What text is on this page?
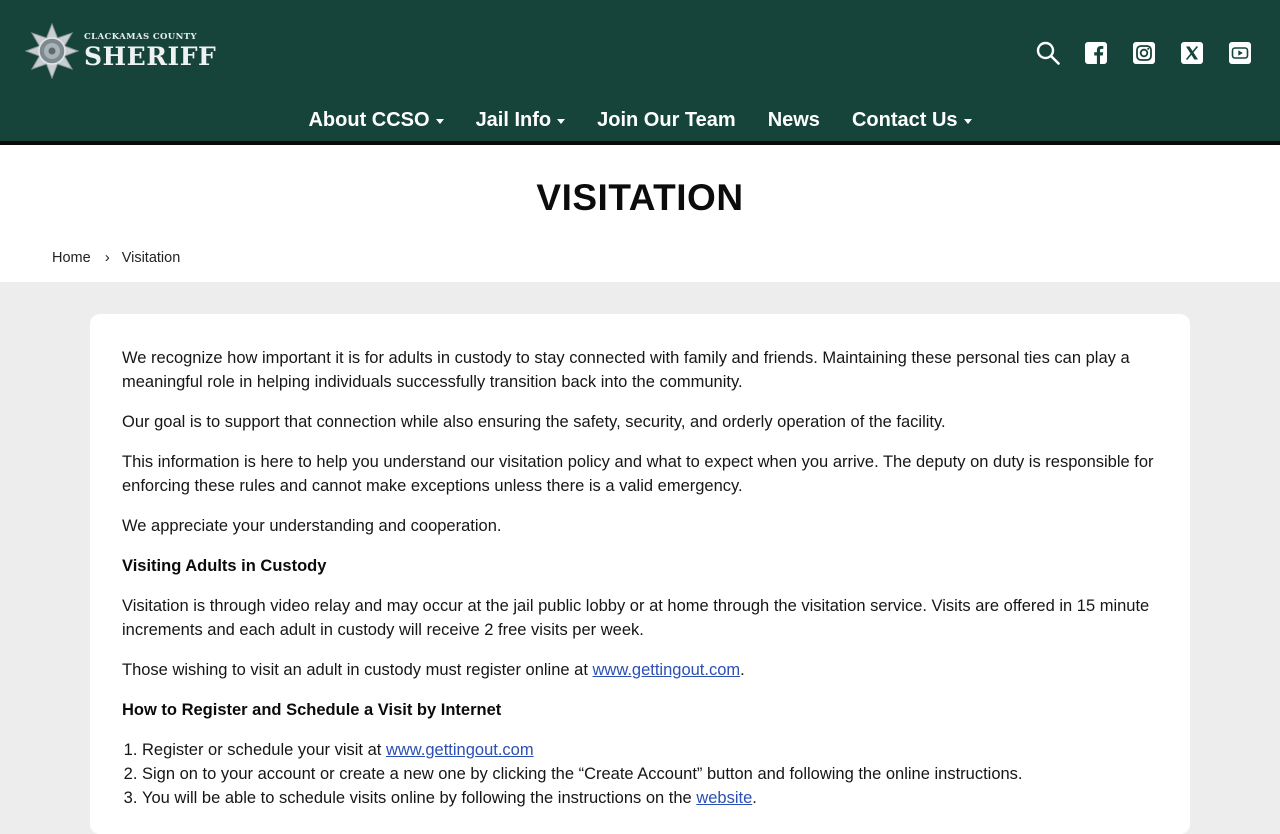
CLACKAMAS COUNTY
SHERIFF
About CCSO Jail Info Join Our Team News Contact Us
VISITATION
Home › Visitation

We recognize how important it is for adults in custody to stay connected with family and friends. Maintaining these personal ties can play a meaningful role in helping individuals successfully transition back into the community.

Our goal is to support that connection while also ensuring the safety, security, and orderly operation of the facility.

This information is here to help you understand our visitation policy and what to expect when you arrive. The deputy on duty is responsible for enforcing these rules and cannot make exceptions unless there is a valid emergency.

We appreciate your understanding and cooperation.

Visiting Adults in Custody

Visitation is through video relay and may occur at the jail public lobby or at home through the visitation service. Visits are offered in 15 minute increments and each adult in custody will receive 2 free visits per week.

Those wishing to visit an adult in custody must register online at www.gettingout.com.

How to Register and Schedule a Visit by Internet
1. Register or schedule your visit at www.gettingout.com
2. Sign on to your account or create a new one by clicking the “Create Account” button and following the online instructions.
3. You will be able to schedule visits online by following the instructions on the website.
